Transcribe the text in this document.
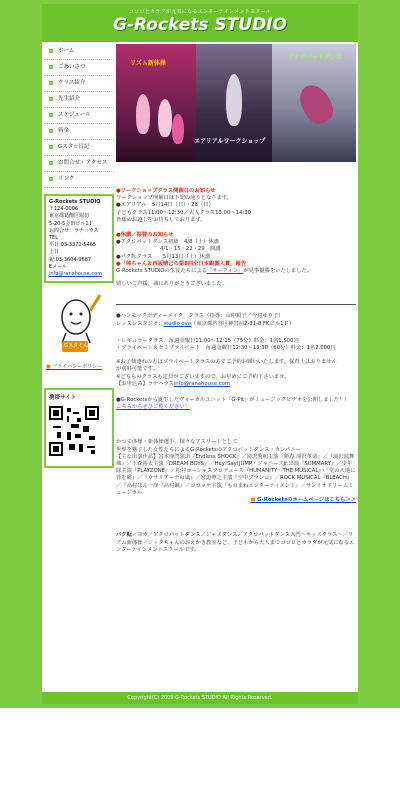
ココロとカラダが元気になるエンターテインメントスクール
G-Rockets STUDIO
ホーム
ごあいさつ
クラス紹介
先生紹介
スケジュール
料金
Gスタ☆日記
お問合せ・アクセス
リンク
G-Rockets STUDIO
〒124-0006
東京都葛飾区堀切
5-20-5会田ビル1Ｆ
お問合せ：ラナハウス
TEL
平日:03-3372-5465
土日
祝:03-3604-9687
Eメール
info@ranahouse.com
Gスタくん
■ プライバシーポリシー
携帯サイト
リズム新体操
エアリアルワークショップ
アクロバットダンス
● ワークショップクラス開催日のお知らせ
ワークショップ開催日は下記の通りとなります。
●エアリアル　5月14日（日）・28（日）
子どもクラス11:00～12:30／大人クラス13:00～14:30
皆様のお越しをお待ちしております。
● 休講／振替のお知らせ
●アクロバットダンス初級　4/8（土）休講
4/1・15・22・29　開講
●バク転クラス　　5月13日（土）休講
● 「倖ちゃん＆西坂晴己の第8回全日本銀賞入賞」報告
G-Rockets STUDIOの生徒たちによる「サーフィン」が見事優勝をいたしました。
嬉しいご声援、誠にありがとうございました。
●ハンモックボディーメイク　クラス（指導：山仲順子／今村ゆり子）
レッスンスタジオ：studio ova（東京都渋谷区神宮前2-31-8 FKビル1Ｆ）
・レギュラークラス　毎週金曜日11:00～12:15（75分）料金：1名1,500円
・プライベート＆セミプライベート　毎週金曜日12:30～13:30（60分）料金：1名2,000円
※お子様連れの方はプライベートクラスの方でご予約お願いいたします。保育士はおりません
が別料可能です。
※どちらのクラスも定員がございますので、お早めにご予約下さいませ。
【お申込み】ラナハウスinfo@ranahouse.com
●G-Rocketsから誕生したヴォーカルユニット「G-Pit」がミュージックビデオを公開しました！！
こちらからぜひご覧ください！
かつて体操・新体操選手、様々なアスリートとして
世界を魅了した女性たちによるG-Rocketsのアクロバットダンス・カンパニー
【主な出演作品】宮本亜門演出『Endless SHOCK』／滝沢秀明主演『新春 滝沢革命』／『滝沢演舞城』／玉森裕太主演『DREAM BOYS』／Hey!Say!JUMP・ジャニーズJr.出演『SUMMARY』／少年隊主演『PLAYZONE』／松村ゴーシャスプロデュース『HUMANITY〜THE MUSICAL』・『堂の大地に背を眺』／『ウサリアーナの風』／宮迫博之主演『空中ブランコ』／ROCK MUSICAL『BLEACH』／『高村はん一座『高村鋼』／コロッケ主演『ものまねエンターテイメント』／サンリオドリームミュージカル
■ G-Rocketsのホームページはこちら＞＞
バク転／ヨガ／アクロバットダンス／ジャズダンス／アクロバットダンス入門〜キッズクラス〜／リズム新体操／ジッタちゃんのおえかき教室など、子どもから大人までココロとカラダが元気になるエンターテインメントスクールです。
Copyright(C) 2009 G-Rockets STUDIO All Rights Reserved.
